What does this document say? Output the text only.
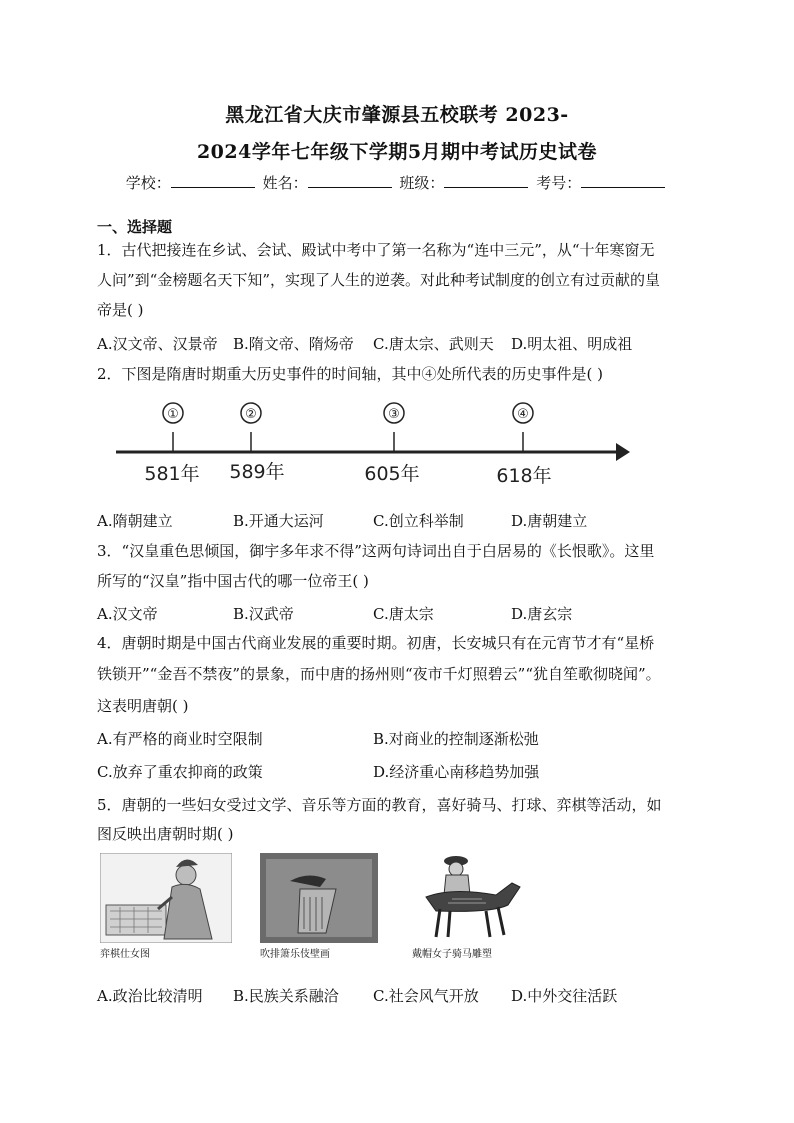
黑龙江省大庆市肇源县五校联考 2023-
2024学年七年级下学期5月期中考试历史试卷
学校：	姓名：	班级：	考号：
一、选择题
1．古代把接连在乡试、会试、殿试中考中了第一名称为“连中三元”，从“十年寒窗无
人问”到“金榜题名天下知”，实现了人生的逆袭。对此种考试制度的创立有过贡献的皇
帝是( )
A.汉文帝、汉景帝 B.隋文帝、隋炀帝 C.唐太宗、武则天 D.明太祖、明成祖
2．下图是隋唐时期重大历史事件的时间轴，其中④处所代表的历史事件是( )
①	②	③	④
581年 589年	605年	618年
A.隋朝建立	B.开通大运河	C.创立科举制	D.唐朝建立
3．“汉皇重色思倾国，御宇多年求不得”这两句诗词出自于白居易的《长恨歌》。这里
所写的“汉皇”指中国古代的哪一位帝王( )
A.汉文帝	B.汉武帝	C.唐太宗	D.唐玄宗
4．唐朝时期是中国古代商业发展的重要时期。初唐，长安城只有在元宵节才有“星桥
铁锁开”“金吾不禁夜”的景象，而中唐的扬州则“夜市千灯照碧云”“犹自笙歌彻晓闻”。
这表明唐朝( )
A.有严格的商业时空限制	B.对商业的控制逐渐松弛
C.放弃了重农抑商的政策	D.经济重心南移趋势加强
5．唐朝的一些妇女受过文学、音乐等方面的教育，喜好骑马、打球、弈棋等活动，如
图反映出唐朝时期( )
弈棋仕女图	吹排箫乐伎壁画	戴帽女子骑马雕塑
A.政治比较清明 B.民族关系融洽 C.社会风气开放 D.中外交往活跃
